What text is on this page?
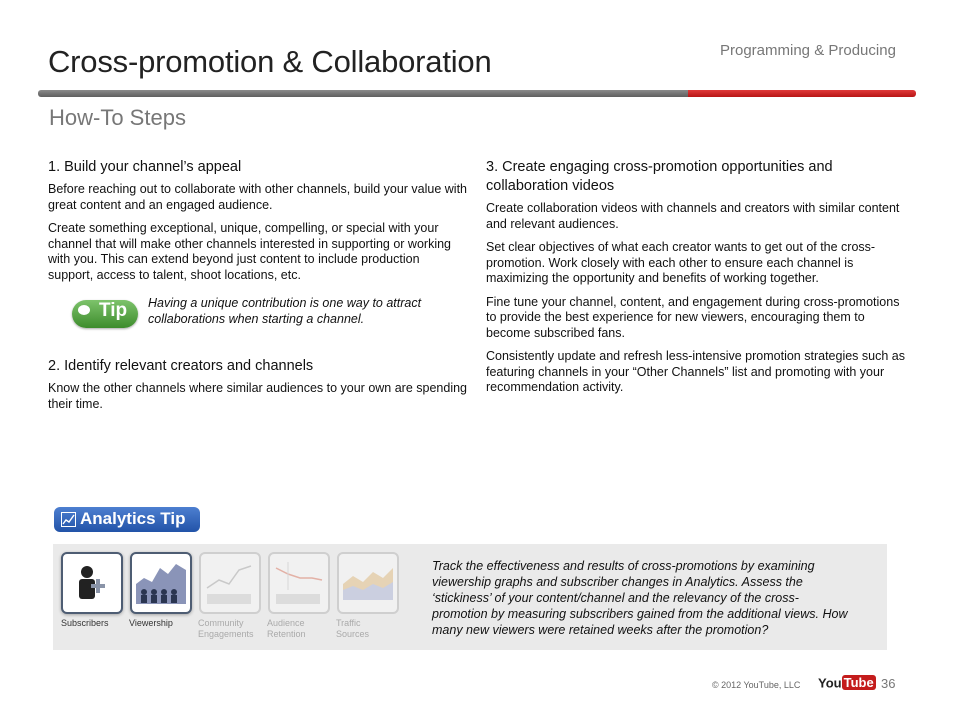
Programming & Producing
Cross-promotion & Collaboration
How-To Steps
1. Build your channel’s appeal

Before reaching out to collaborate with other channels, build your value with great content and an engaged audience.

Create something exceptional, unique, compelling, or special with your channel that will make other channels interested in supporting or working with you. This can extend beyond just content to include production support, access to talent, shoot locations, etc.

Tip Having a unique contribution is one way to attract collaborations when starting a channel.
2. Identify relevant creators and channels

Know the other channels where similar audiences to your own are spending their time.

3. Create engaging cross-promotion opportunities and collaboration videos

Create collaboration videos with channels and creators with similar content and relevant audiences.

Set clear objectives of what each creator wants to get out of the cross-promotion. Work closely with each other to ensure each channel is maximizing the opportunity and benefits of working together.

Fine tune your channel, content, and engagement during cross-promotions to provide the best experience for new viewers, encouraging them to become subscribed fans.

Consistently update and refresh less-intensive promotion strategies such as featuring channels in your “Other Channels” list and promoting with your recommendation activity.

Analytics Tip
Subscribers Viewership	Community
Engagements
Audience
Retention
Traffic
Sources
Track the effectiveness and results of cross-promotions by examining viewership graphs and subscriber changes in Analytics. Assess the ‘stickiness’ of your content/channel and the relevancy of the cross-promotion by measuring subscribers gained from the additional views. How many new viewers were retained weeks after the promotion?
© 2012 YouTube, LLC You Tube 36
